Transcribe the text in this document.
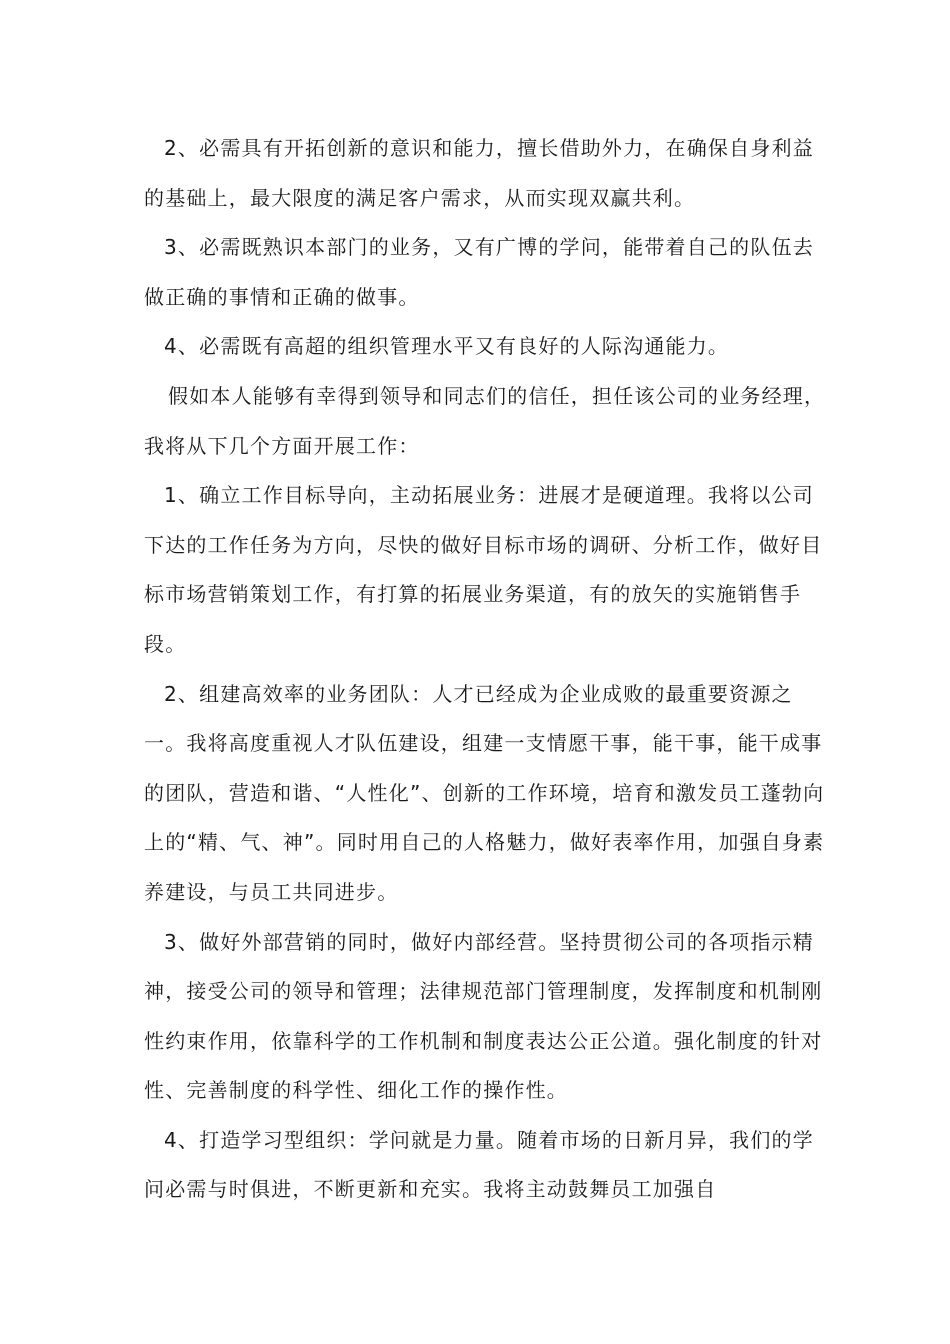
2、必需具有开拓创新的意识和能力，擅长借助外力，在确保自身利益的基础上，最大限度的满足客户需求，从而实现双赢共利。

3、必需既熟识本部门的业务，又有广博的学问，能带着自己的队伍去做正确的事情和正确的做事。

4、必需既有高超的组织管理水平又有良好的人际沟通能力。

假如本人能够有幸得到领导和同志们的信任，担任该公司的业务经理，我将从下几个方面开展工作：

1、确立工作目标导向，主动拓展业务：进展才是硬道理。我将以公司下达的工作任务为方向，尽快的做好目标市场的调研、分析工作，做好目标市场营销策划工作，有打算的拓展业务渠道，有的放矢的实施销售手段。

2、组建高效率的业务团队：人才已经成为企业成败的最重要资源之一。我将高度重视人才队伍建设，组建一支情愿干事，能干事，能干成事的团队，营造和谐、“人性化”、创新的工作环境，培育和激发员工蓬勃向上的“精、气、神”。同时用自己的人格魅力，做好表率作用，加强自身素养建设，与员工共同进步。

3、做好外部营销的同时，做好内部经营。坚持贯彻公司的各项指示精神，接受公司的领导和管理；法律规范部门管理制度，发挥制度和机制刚性约束作用，依靠科学的工作机制和制度表达公正公道。强化制度的针对性、完善制度的科学性、细化工作的操作性。

4、打造学习型组织：学问就是力量。随着市场的日新月异，我们的学问必需与时俱进，不断更新和充实。我将主动鼓舞员工加强自
